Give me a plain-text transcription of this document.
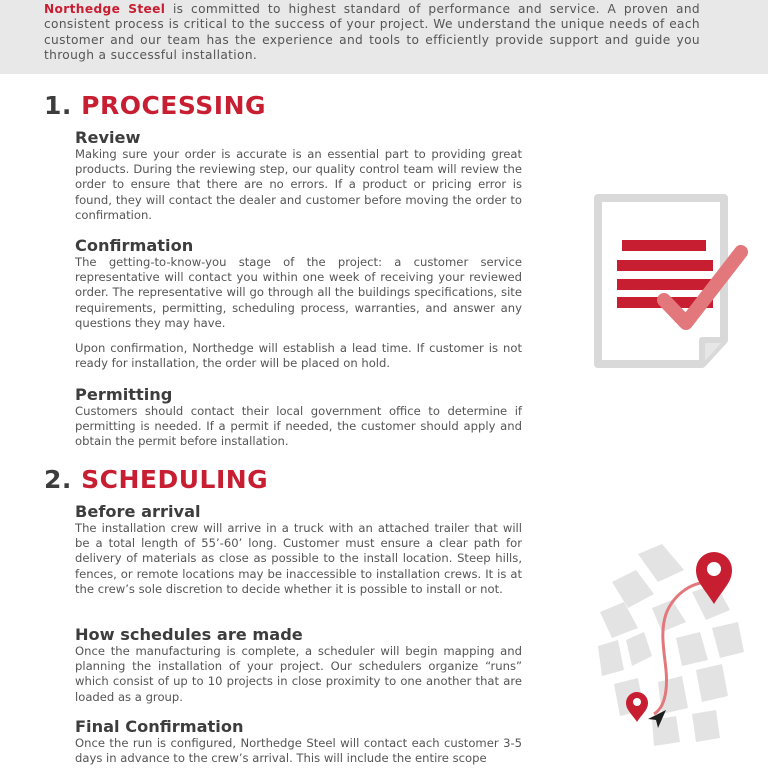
Northedge Steel is committed to highest standard of performance and service. A proven and consistent process is critical to the success of your project. We understand the unique needs of each customer and our team has the experience and tools to efficiently provide support and guide you through a successful installation.

1. PROCESSING
Review

Making sure your order is accurate is an essential part to providing great products. During the reviewing step, our quality control team will review the order to ensure that there are no errors. If a product or pricing error is found, they will contact the dealer and customer before moving the order to confirmation.

Confirmation

The getting-to-know-you stage of the project: a customer service representative will contact you within one week of receiving your reviewed order. The representative will go through all the buildings specifications, site requirements, permitting, scheduling process, warranties, and answer any questions they may have.

Upon confirmation, Northedge will establish a lead time. If customer is not ready for installation, the order will be placed on hold.

Permitting

Customers should contact their local government office to determine if permitting is needed. If a permit if needed, the customer should apply and obtain the permit before installation.

2. SCHEDULING
Before arrival

The installation crew will arrive in a truck with an attached trailer that will be a total length of 55’-60’ long. Customer must ensure a clear path for delivery of materials as close as possible to the install location. Steep hills, fences, or remote locations may be inaccessible to installation crews. It is at the crew’s sole discretion to decide whether it is possible to install or not.

How schedules are made

Once the manufacturing is complete, a scheduler will begin mapping and planning the installation of your project. Our schedulers organize “runs” which consist of up to 10 projects in close proximity to one another that are loaded as a group.

Final Confirmation

Once the run is configured, Northedge Steel will contact each customer 3-5 days in advance to the crew’s arrival. This will include the entire scope
